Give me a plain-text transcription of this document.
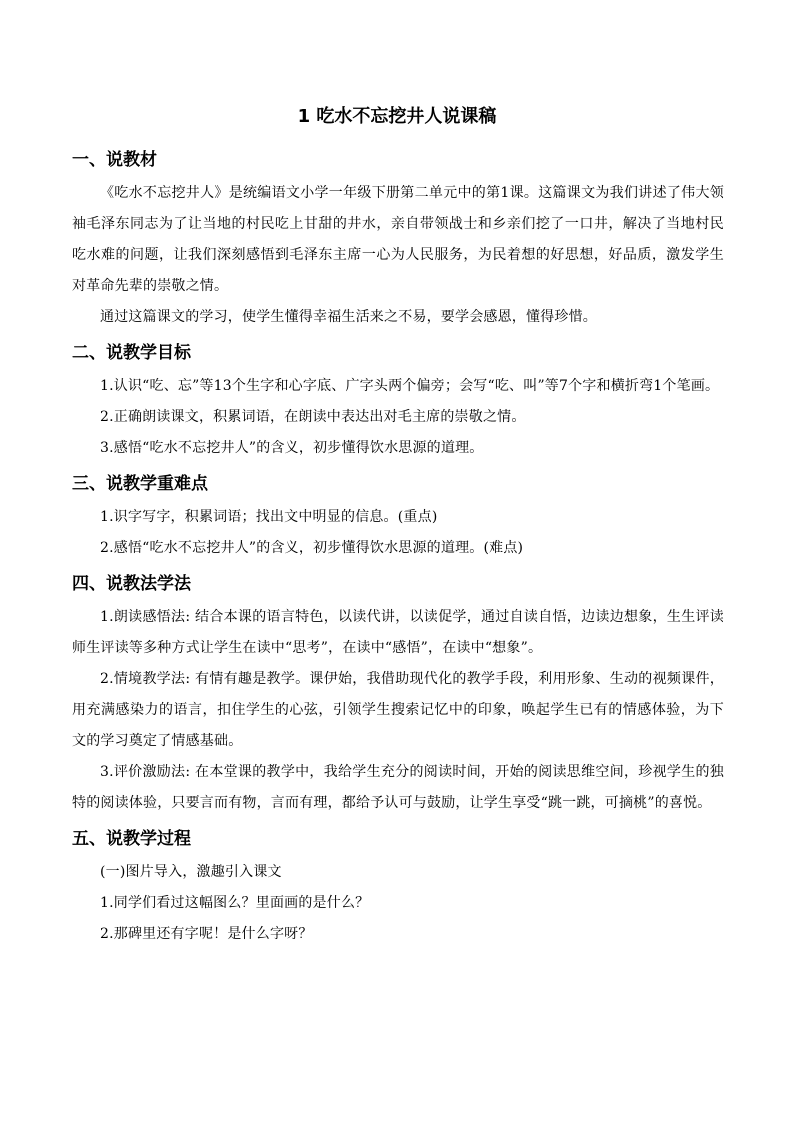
1 吃水不忘挖井人说课稿
一、说教材

《吃水不忘挖井人》是统编语文小学一年级下册第二单元中的第1课。这篇课文为我们讲述了伟大领袖毛泽东同志为了让当地的村民吃上甘甜的井水，亲自带领战士和乡亲们挖了一口井，解决了当地村民吃水难的问题，让我们深刻感悟到毛泽东主席一心为人民服务，为民着想的好思想，好品质，激发学生对革命先辈的崇敬之情。

通过这篇课文的学习，使学生懂得幸福生活来之不易，要学会感恩，懂得珍惜。

二、说教学目标

1.认识“吃、忘”等13个生字和心字底、广字头两个偏旁；会写“吃、叫”等7个字和横折弯1个笔画。

2.正确朗读课文，积累词语，在朗读中表达出对毛主席的崇敬之情。

3.感悟“吃水不忘挖井人”的含义，初步懂得饮水思源的道理。

三、说教学重难点

1.识字写字，积累词语；找出文中明显的信息。(重点)

2.感悟“吃水不忘挖井人”的含义，初步懂得饮水思源的道理。(难点)

四、说教法学法

1.朗读感悟法: 结合本课的语言特色，以读代讲，以读促学，通过自读自悟，边读边想象，生生评读师生评读等多种方式让学生在读中“思考”，在读中“感悟”，在读中“想象”。

2.情境教学法: 有情有趣是教学。课伊始，我借助现代化的教学手段，利用形象、生动的视频课件，用充满感染力的语言，扣住学生的心弦，引领学生搜索记忆中的印象，唤起学生已有的情感体验，为下文的学习奠定了情感基础。

3.评价激励法: 在本堂课的教学中，我给学生充分的阅读时间，开始的阅读思维空间，珍视学生的独特的阅读体验，只要言而有物，言而有理，都给予认可与鼓励，让学生享受“跳一跳，可摘桃”的喜悦。

五、说教学过程

(一)图片导入，激趣引入课文

1.同学们看过这幅图么？里面画的是什么？

2.那碑里还有字呢！是什么字呀？
